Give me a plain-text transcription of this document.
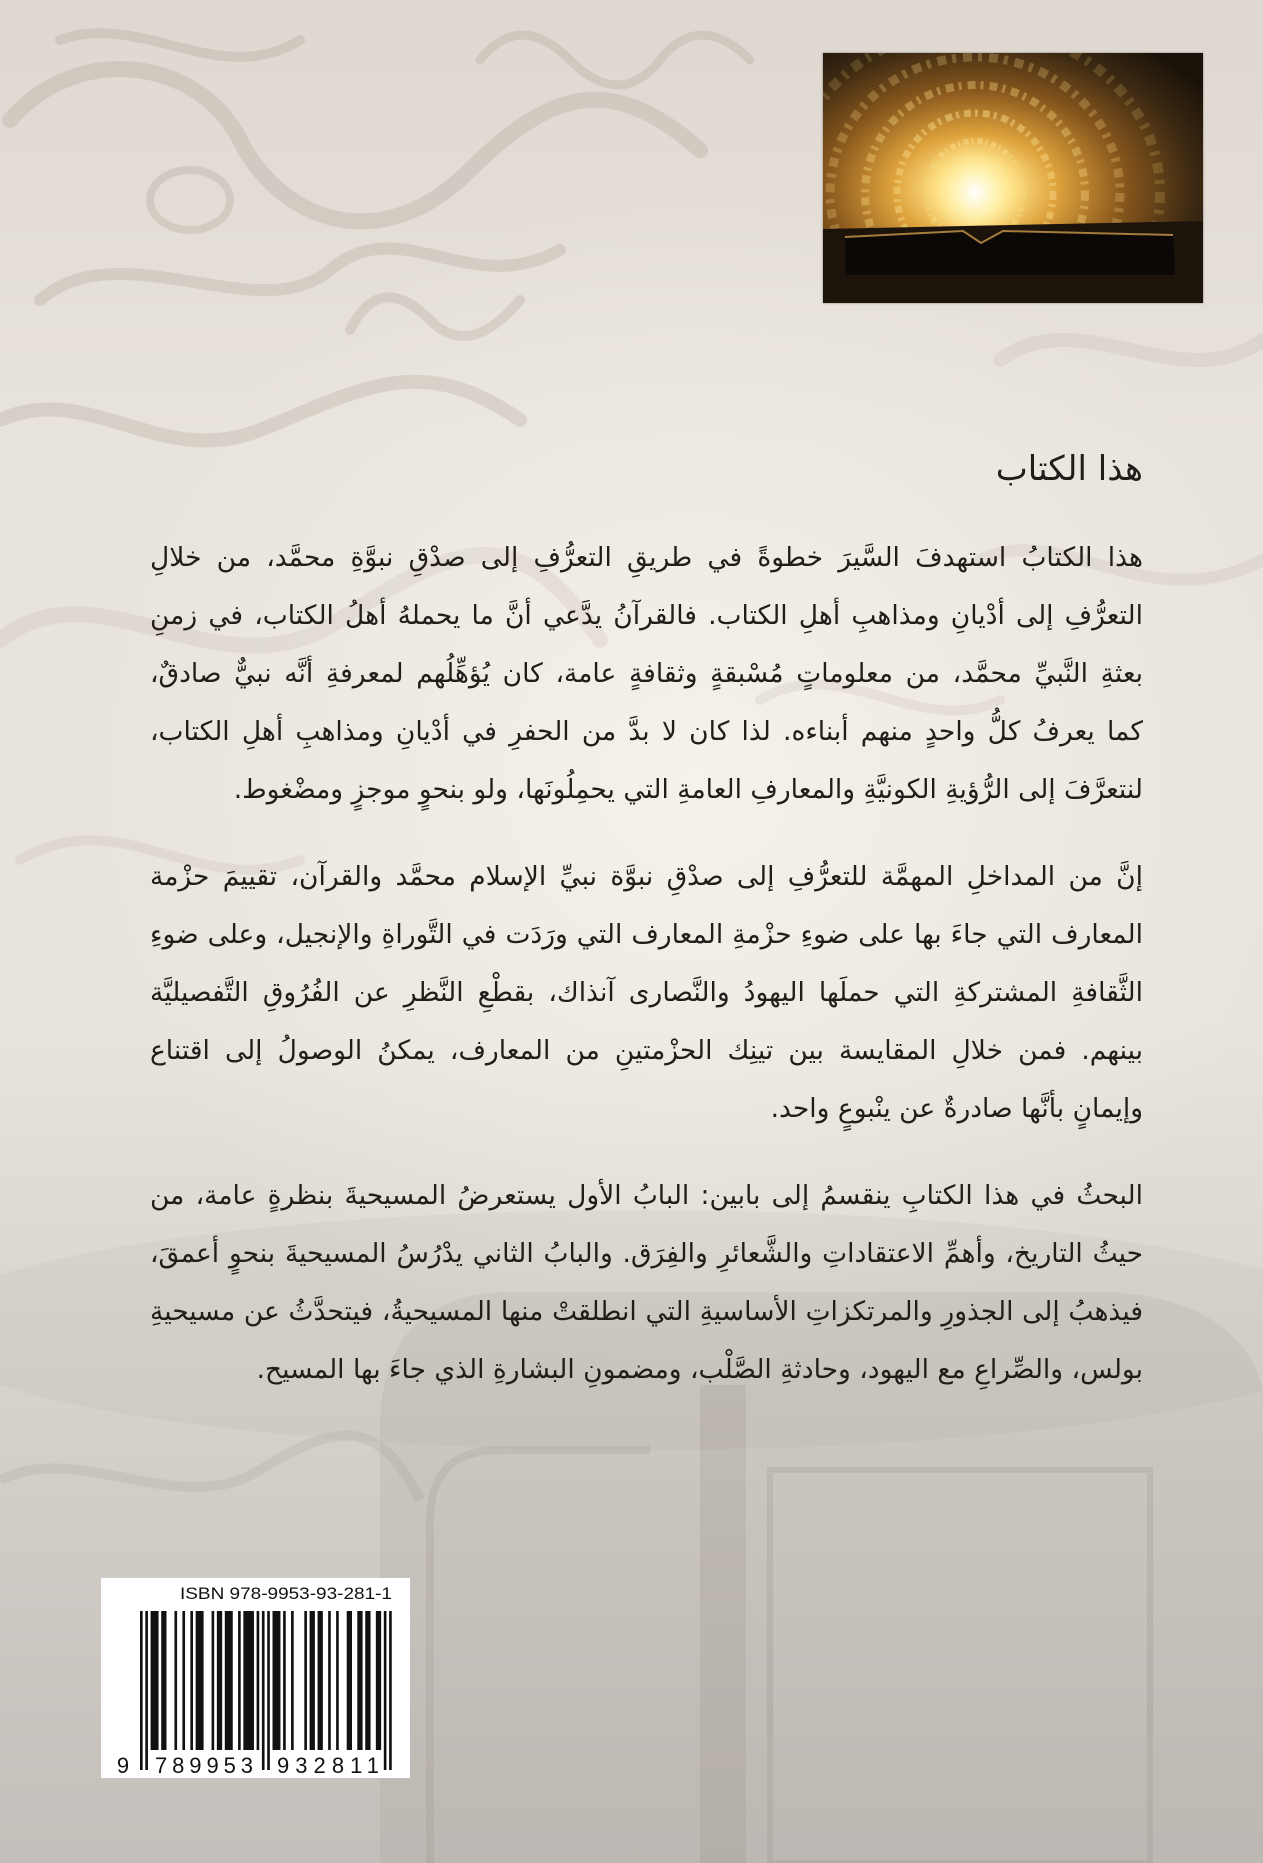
هذا الكتاب
هذا الكتابُ استهدفَ السَّيرَ خطوةً في طريقِ التعرُّفِ إلى صدْقِ نبوَّةِ محمَّد، من خلالِ
التعرُّفِ إلى أدْيانِ ومذاهبِ أهلِ الكتاب. فالقرآنُ يدَّعي أنَّ ما يحملهُ أهلُ الكتاب، في زمنِ
بعثةِ النَّبيِّ محمَّد، من معلوماتٍ مُسْبقةٍ وثقافةٍ عامة، كان يُؤهِّلُهم لمعرفةِ أنَّه نبيٌّ صادقٌ،
كما يعرفُ كلُّ واحدٍ منهم أبناءه. لذا كان لا بدَّ من الحفرِ في أدْيانِ ومذاهبِ أهلِ الكتاب،
لنتعرَّفَ إلى الرُّؤيةِ الكونيَّةِ والمعارفِ العامةِ التي يحمِلُونَها، ولو بنحوٍ موجزٍ ومضْغوط.
إنَّ من المداخلِ المهمَّة للتعرُّفِ إلى صدْقِ نبوَّة نبيِّ الإسلام محمَّد والقرآن، تقييمَ حزْمة
المعارف التي جاءَ بها على ضوءِ حزْمةِ المعارف التي ورَدَت في التَّوراةِ والإنجيل، وعلى ضوءِ
الثَّقافةِ المشتركةِ التي حملَها اليهودُ والنَّصارى آنذاك، بقطْعِ النَّظرِ عن الفُرُوقِ التَّفصيليَّة
بينهم. فمن خلالِ المقايسة بين تينِك الحزْمتينِ من المعارف، يمكنُ الوصولُ إلى اقتناع
وإيمانٍ بأنَّها صادرةٌ عن ينْبوعٍ واحد.
البحثُ في هذا الكتابِ ينقسمُ إلى بابين: البابُ الأول يستعرضُ المسيحيةَ بنظرةٍ عامة، من
حيثُ التاريخ، وأهمِّ الاعتقاداتِ والشَّعائرِ والفِرَق. والبابُ الثاني يدْرُسُ المسيحيةَ بنحوٍ أعمقَ،
فيذهبُ إلى الجذورِ والمرتكزاتِ الأساسيةِ التي انطلقتْ منها المسيحيةُ، فيتحدَّثُ عن مسيحيةِ
بولس، والصِّراعِ مع اليهود، وحادثةِ الصَّلْب، ومضمونِ البشارةِ الذي جاءَ بها المسيح.
ISBN 978-9953-93-281-1
9 789953 932811
